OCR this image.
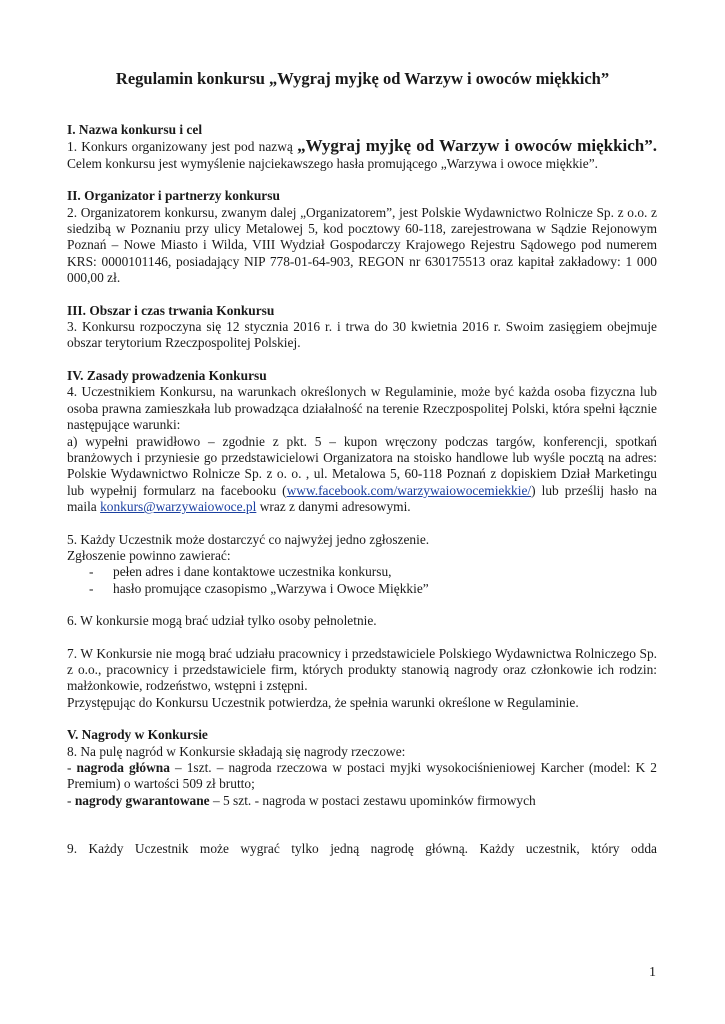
Regulamin konkursu „Wygraj myjkę od Warzyw i owoców miękkich”

I. Nazwa konkursu i cel

1. Konkurs organizowany jest pod nazwą „Wygraj myjkę od Warzyw i owoców miękkich”. Celem konkursu jest wymyślenie najciekawszego hasła promującego „Warzywa i owoce miękkie”.

II. Organizator i partnerzy konkursu

2. Organizatorem konkursu, zwanym dalej „Organizatorem”, jest Polskie Wydawnictwo Rolnicze Sp. z o.o. z siedzibą w Poznaniu przy ulicy Metalowej 5, kod pocztowy 60-118, zarejestrowana w Sądzie Rejonowym Poznań – Nowe Miasto i Wilda, VIII Wydział Gospodarczy Krajowego Rejestru Sądowego pod numerem KRS: 0000101146, posiadający NIP 778-01-64-903, REGON nr 630175513 oraz kapitał zakładowy: 1 000 000,00 zł.

III. Obszar i czas trwania Konkursu

3. Konkursu rozpoczyna się 12 stycznia 2016 r. i trwa do 30 kwietnia 2016 r. Swoim zasięgiem obejmuje obszar terytorium Rzeczpospolitej Polskiej.

IV. Zasady prowadzenia Konkursu

4. Uczestnikiem Konkursu, na warunkach określonych w Regulaminie, może być każda osoba fizyczna lub osoba prawna zamieszkała lub prowadząca działalność na terenie Rzeczpospolitej Polski, która spełni łącznie następujące warunki:

a) wypełni prawidłowo – zgodnie z pkt. 5 – kupon wręczony podczas targów, konferencji, spotkań branżowych i przyniesie go przedstawicielowi Organizatora na stoisko handlowe lub wyśle pocztą na adres: Polskie Wydawnictwo Rolnicze Sp. z o. o. , ul. Metalowa 5, 60-118 Poznań z dopiskiem Dział Marketingu lub wypełnij formularz na facebooku (www.facebook.com/warzywaiowocemiekkie/) lub prześlij hasło na maila konkurs@warzywaiowoce.pl wraz z danymi adresowymi.

5. Każdy Uczestnik może dostarczyć co najwyżej jedno zgłoszenie.

Zgłoszenie powinno zawierać:

- pełen adres i dane kontaktowe uczestnika konkursu,
- hasło promujące czasopismo „Warzywa i Owoce Miękkie”

6. W konkursie mogą brać udział tylko osoby pełnoletnie.

7. W Konkursie nie mogą brać udziału pracownicy i przedstawiciele Polskiego Wydawnictwa Rolniczego Sp. z o.o., pracownicy i przedstawiciele firm, których produkty stanowią nagrody oraz członkowie ich rodzin: małżonkowie, rodzeństwo, wstępni i zstępni.

Przystępując do Konkursu Uczestnik potwierdza, że spełnia warunki określone w Regulaminie.

V. Nagrody w Konkursie

8. Na pulę nagród w Konkursie składają się nagrody rzeczowe:

- nagroda główna – 1szt. – nagroda rzeczowa w postaci myjki wysokociśnieniowej Karcher (model: K 2 Premium) o wartości 509 zł brutto;

- nagrody gwarantowane – 5 szt. - nagroda w postaci zestawu upominków firmowych

9. Każdy Uczestnik może wygrać tylko jedną nagrodę główną. Każdy uczestnik, który odda

1
